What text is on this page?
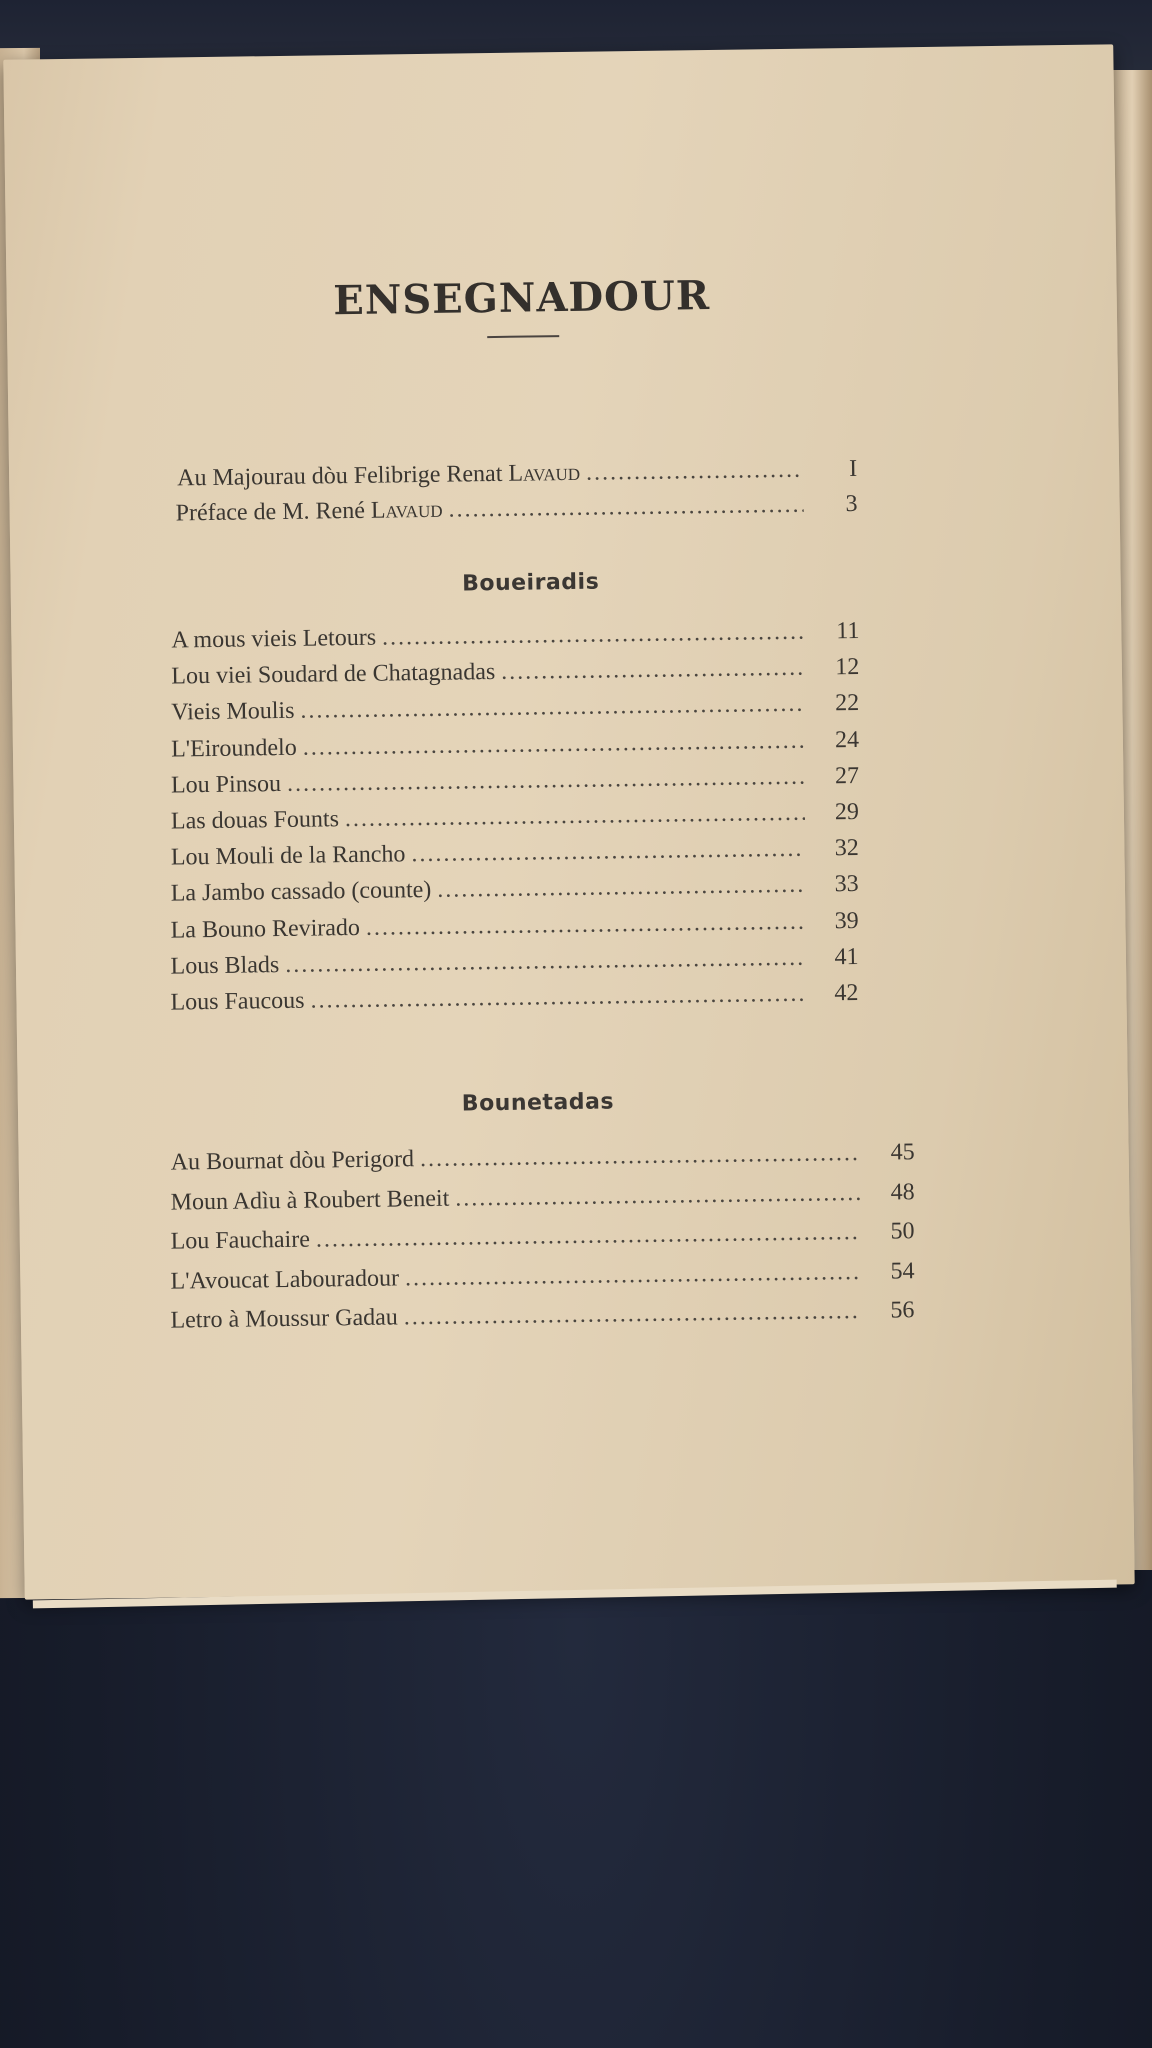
ENSEGNADOUR
Au Majourau dòu Felibrige Renat Lavaud . . .	I
Préface de M. René Lavaud . . .	3
Boueiradis
A mous vieis Letours . . .	11
Lou viei Soudard de Chatagnadas . . .	12
Vieis Moulis . . .	22
L'Eiroundelo . . .	24
Lou Pinsou . . .	27
Las douas Founts . . .	29
Lou Mouli de la Rancho . . .	32
La Jambo cassado (counte) . . .	33
La Bouno Revirado . . .	39
Lous Blads . . .	41
Lous Faucous . . .	42
Bounetadas
Au Bournat dòu Perigord . . .	45
Moun Adìu à Roubert Beneit . . .	48
Lou Fauchaire . . .	50
L'Avoucat Labouradour . . .	54
Letro à Moussur Gadau . . .	56
